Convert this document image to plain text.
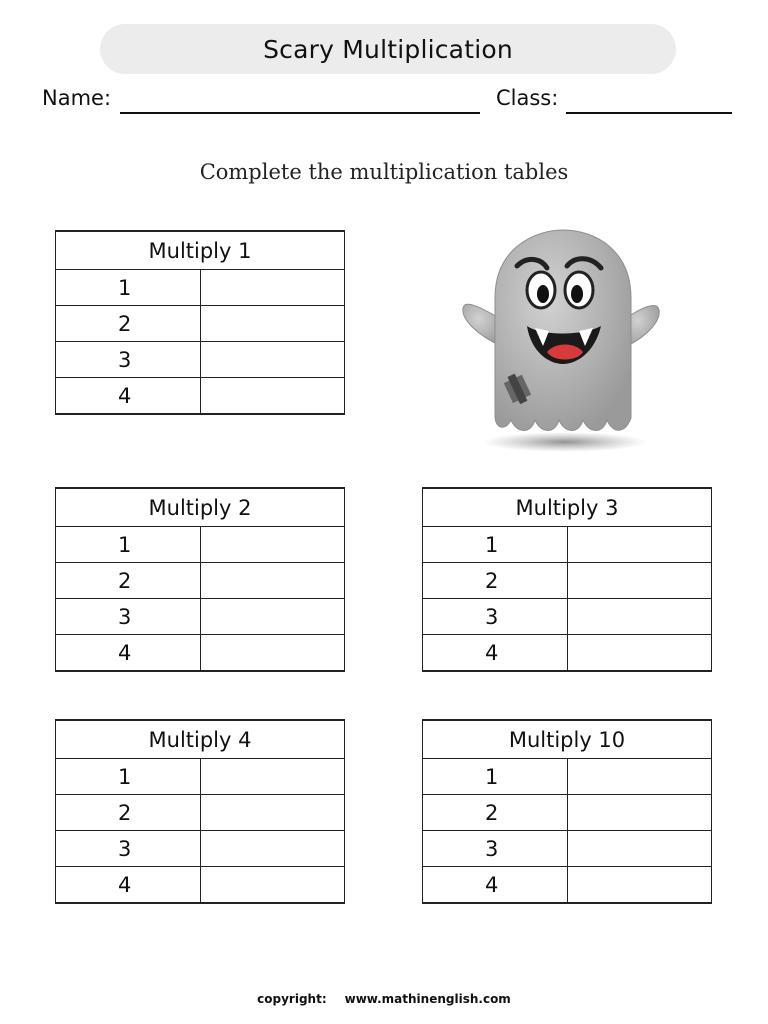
Scary Multiplication
Name:	Class:
Complete the multiplication tables
Multiply 1	
1	
2	
3	
4	
Multiply 2	
1	
2	
3	
4	
Multiply 3	
1	
2	
3	
4	
Multiply 4	
1	
2	
3	
4	
Multiply 10	
1	
2	
3	
4	
copyright: www.mathinenglish.com
